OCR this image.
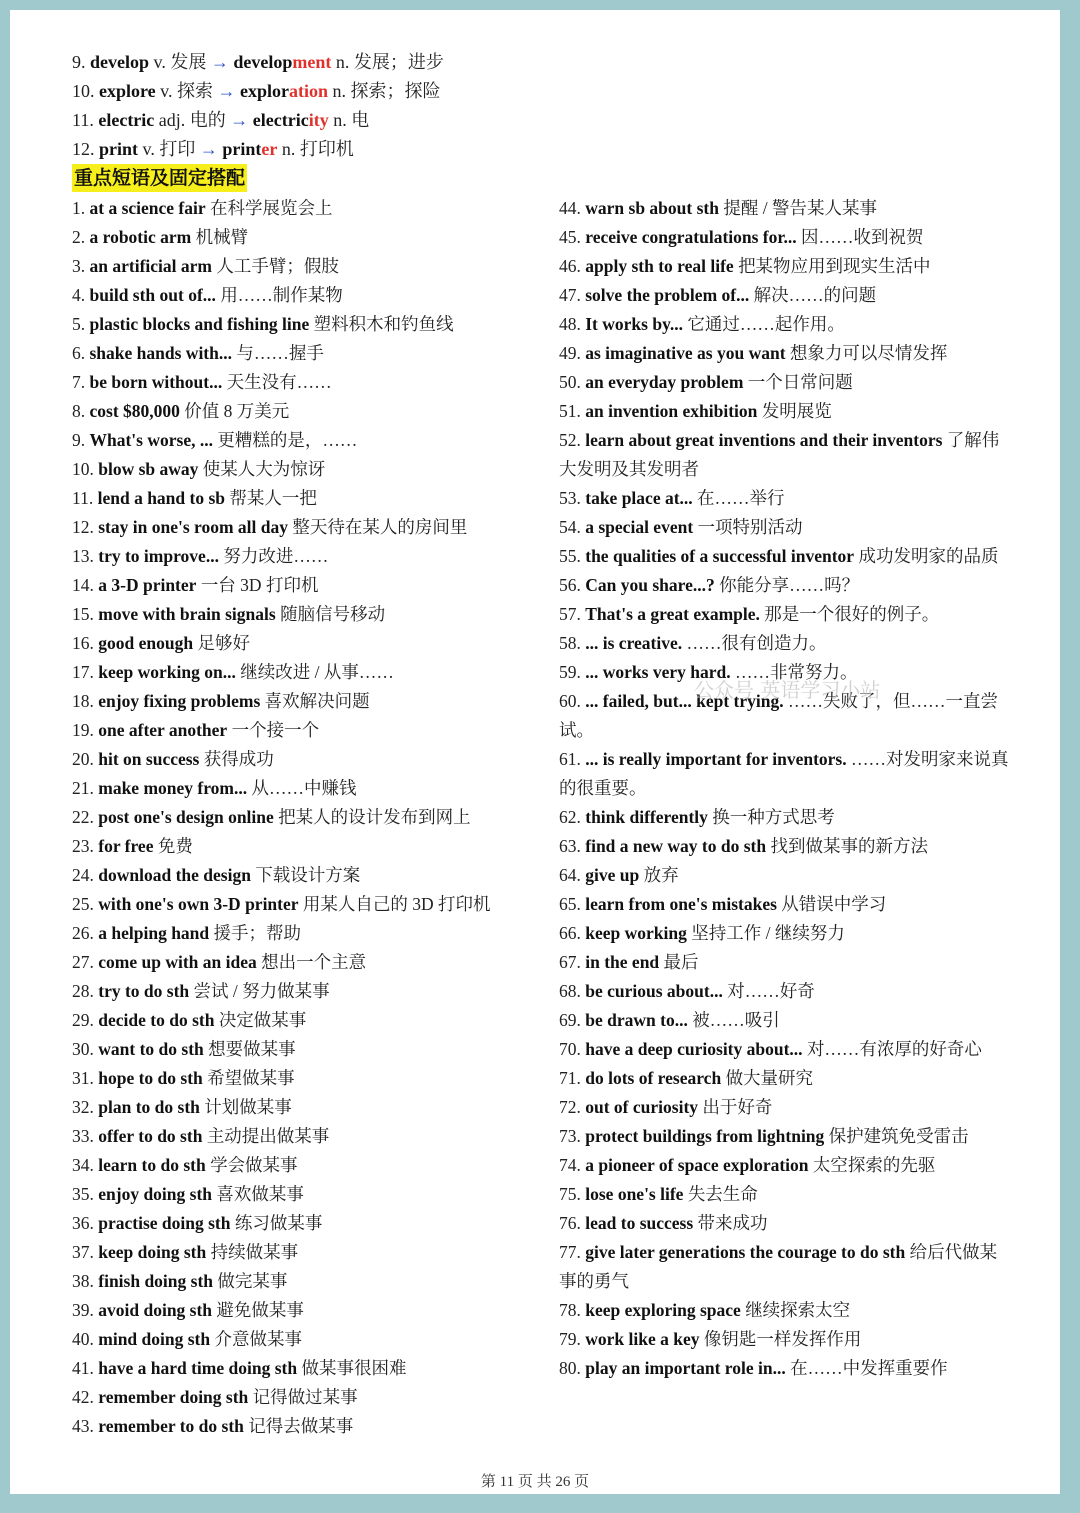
9. develop v. 发展 → development n. 发展；进步
10. explore v. 探索 → exploration n. 探索；探险
11. electric adj. 电的 → electricity n. 电
12. print v. 打印 → printer n. 打印机
重点短语及固定搭配
1. at a science fair 在科学展览会上
2. a robotic arm 机械臂
3. an artificial arm 人工手臂；假肢
4. build sth out of... 用……制作某物
5. plastic blocks and fishing line 塑料积木和钓鱼线
6. shake hands with... 与……握手
7. be born without... 天生没有……
8. cost $80,000 价值 8 万美元
9. What's worse, ... 更糟糕的是，……
10. blow sb away 使某人大为惊讶
11. lend a hand to sb 帮某人一把
12. stay in one's room all day 整天待在某人的房间里
13. try to improve... 努力改进……
14. a 3-D printer 一台 3D 打印机
15. move with brain signals 随脑信号移动
16. good enough 足够好
17. keep working on... 继续改进 / 从事……
18. enjoy fixing problems 喜欢解决问题
19. one after another 一个接一个
20. hit on success 获得成功
21. make money from... 从……中赚钱
22. post one's design online 把某人的设计发布到网上
23. for free 免费
24. download the design 下载设计方案
25. with one's own 3-D printer 用某人自己的 3D 打印机
26. a helping hand 援手；帮助
27. come up with an idea 想出一个主意
28. try to do sth 尝试 / 努力做某事
29. decide to do sth 决定做某事
30. want to do sth 想要做某事
31. hope to do sth 希望做某事
32. plan to do sth 计划做某事
33. offer to do sth 主动提出做某事
34. learn to do sth 学会做某事
35. enjoy doing sth 喜欢做某事
36. practise doing sth 练习做某事
37. keep doing sth 持续做某事
38. finish doing sth 做完某事
39. avoid doing sth 避免做某事
40. mind doing sth 介意做某事
41. have a hard time doing sth 做某事很困难
42. remember doing sth 记得做过某事
43. remember to do sth 记得去做某事
44. warn sb about sth 提醒 / 警告某人某事
45. receive congratulations for... 因……收到祝贺
46. apply sth to real life 把某物应用到现实生活中
47. solve the problem of... 解决……的问题
48. It works by... 它通过……起作用。
49. as imaginative as you want 想象力可以尽情发挥
50. an everyday problem 一个日常问题
51. an invention exhibition 发明展览
52. learn about great inventions and their inventors 了解伟大发明及其发明者
53. take place at... 在……举行
54. a special event 一项特别活动
55. the qualities of a successful inventor 成功发明家的品质
56. Can you share...? 你能分享……吗？
57. That's a great example. 那是一个很好的例子。
58. ... is creative. ……很有创造力。
59. ... works very hard. ……非常努力。
60. ... failed, but... kept trying. ……失败了，但……一直尝试。
61. ... is really important for inventors. ……对发明家来说真的很重要。
62. think differently 换一种方式思考
63. find a new way to do sth 找到做某事的新方法
64. give up 放弃
65. learn from one's mistakes 从错误中学习
66. keep working 坚持工作 / 继续努力
67. in the end 最后
68. be curious about... 对……好奇
69. be drawn to... 被……吸引
70. have a deep curiosity about... 对……有浓厚的好奇心
71. do lots of research 做大量研究
72. out of curiosity 出于好奇
73. protect buildings from lightning 保护建筑免受雷击
74. a pioneer of space exploration 太空探索的先驱
75. lose one's life 失去生命
76. lead to success 带来成功
77. give later generations the courage to do sth 给后代做某事的勇气
78. keep exploring space 继续探索太空
79. work like a key 像钥匙一样发挥作用
80. play an important role in... 在……中发挥重要作
公众号 英语学习小站
第 11 页 共 26 页
